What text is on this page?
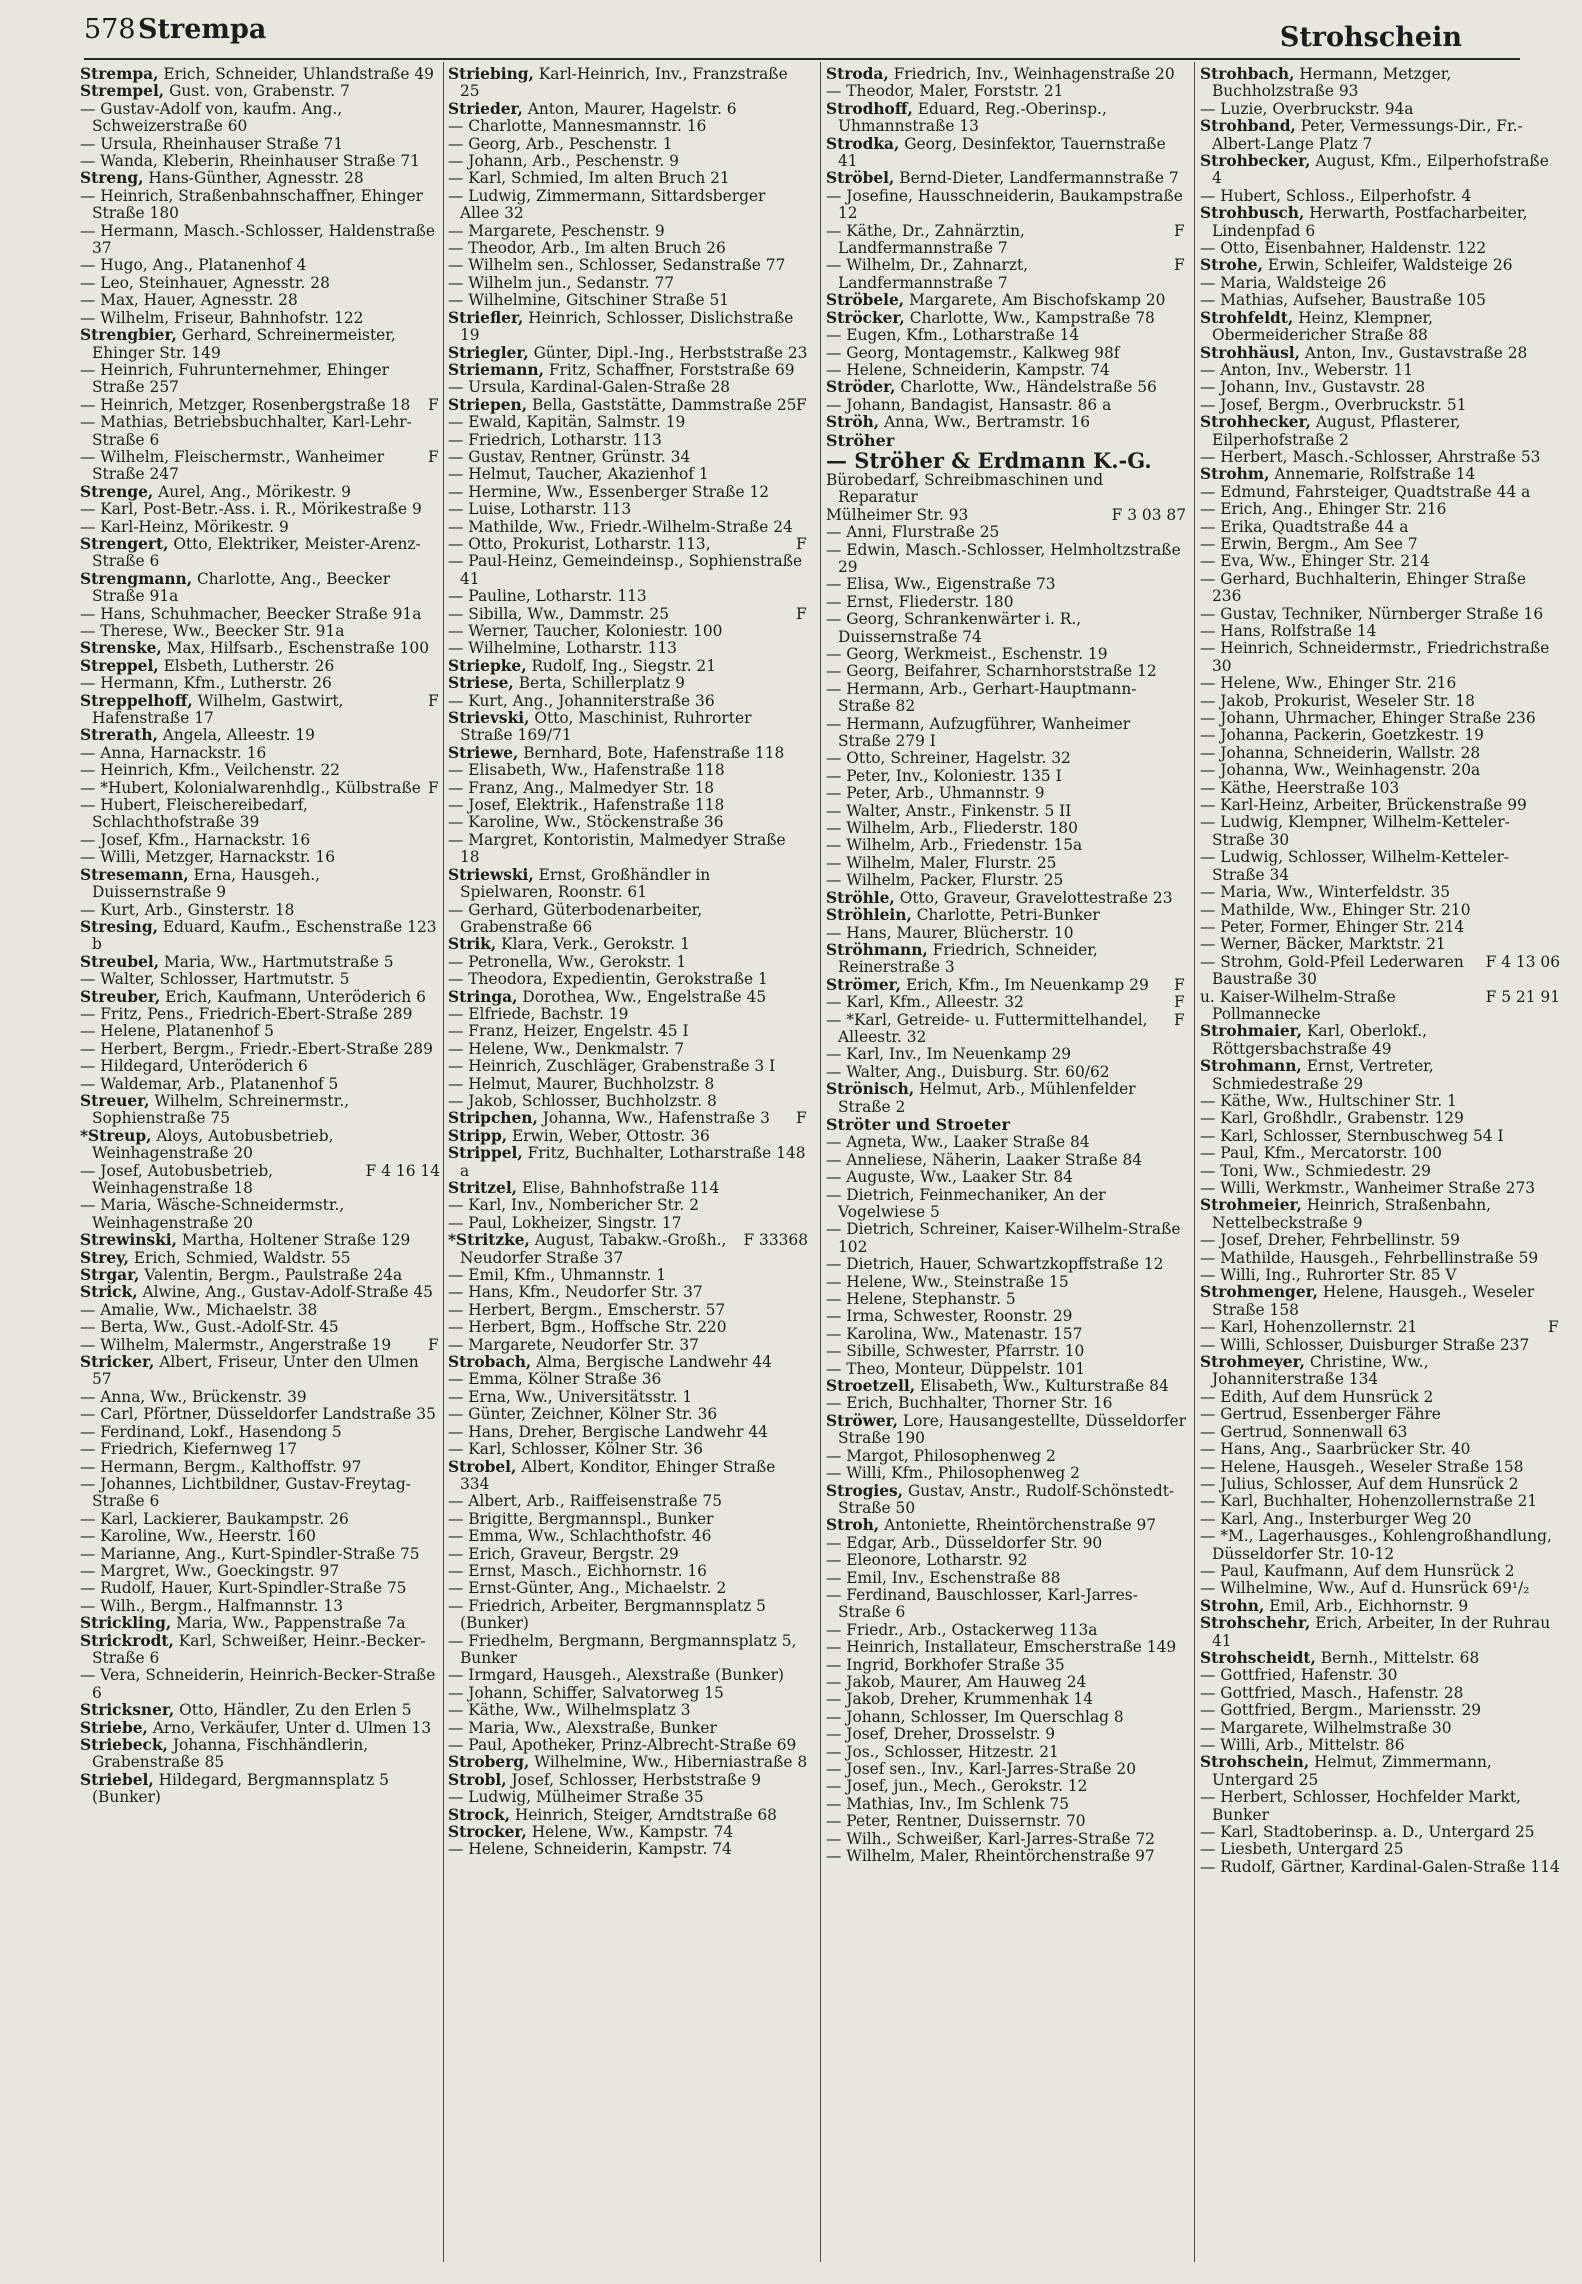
578 Strempa	Strohschein

Strempa, Erich, Schneider, Uhlandstraße 49

Strempel, Gust. von, Grabenstr. 7

— Gustav-Adolf von, kaufm. Ang., Schweizerstraße 60

— Ursula, Rheinhauser Straße 71

— Wanda, Kleberin, Rheinhauser Straße 71

Streng, Hans-Günther, Agnesstr. 28

— Heinrich, Straßenbahnschaffner, Ehinger Straße 180

— Hermann, Masch.-Schlosser, Haldenstraße 37

— Hugo, Ang., Platanenhof 4

— Leo, Steinhauer, Agnesstr. 28

— Max, Hauer, Agnesstr. 28

— Wilhelm, Friseur, Bahnhofstr. 122

Strengbier, Gerhard, Schreinermeister, Ehinger Str. 149

— Heinrich, Fuhrunternehmer, Ehinger Straße 257

F
— Heinrich, Metzger, Rosenbergstraße 18

— Mathias, Betriebsbuchhalter, Karl-Lehr-Straße 6

F
— Wilhelm, Fleischermstr., Wanheimer Straße 247

Strenge, Aurel, Ang., Mörikestr. 9

— Karl, Post-Betr.-Ass. i. R., Mörikestraße 9

— Karl-Heinz, Mörikestr. 9

Strengert, Otto, Elektriker, Meister-Arenz-Straße 6

Strengmann, Charlotte, Ang., Beecker Straße 91a

— Hans, Schuhmacher, Beecker Straße 91a

— Therese, Ww., Beecker Str. 91a

Strenske, Max, Hilfsarb., Eschenstraße 100

Streppel, Elsbeth, Lutherstr. 26

— Hermann, Kfm., Lutherstr. 26

F
Streppelhoff, Wilhelm, Gastwirt, Hafenstraße 17

Strerath, Angela, Alleestr. 19

— Anna, Harnackstr. 16

— Heinrich, Kfm., Veilchenstr. 22

F
— *Hubert, Kolonialwarenhdlg., Külbstraße

— Hubert, Fleischereibedarf, Schlachthofstraße 39

— Josef, Kfm., Harnackstr. 16

— Willi, Metzger, Harnackstr. 16

Stresemann, Erna, Hausgeh., Duissernstraße 9

— Kurt, Arb., Ginsterstr. 18

Stresing, Eduard, Kaufm., Eschenstraße 123 b

Streubel, Maria, Ww., Hartmutstraße 5

— Walter, Schlosser, Hartmutstr. 5

Streuber, Erich, Kaufmann, Unteröderich 6

— Fritz, Pens., Friedrich-Ebert-Straße 289

— Helene, Platanenhof 5

— Herbert, Bergm., Friedr.-Ebert-Straße 289

— Hildegard, Unteröderich 6

— Waldemar, Arb., Platanenhof 5

Streuer, Wilhelm, Schreinermstr., Sophienstraße 75

*Streup, Aloys, Autobusbetrieb, Weinhagenstraße 20

F 4 16 14
— Josef, Autobusbetrieb, Weinhagenstraße 18

— Maria, Wäsche-Schneidermstr., Weinhagenstraße 20

Strewinski, Martha, Holtener Straße 129

Strey, Erich, Schmied, Waldstr. 55

Strgar, Valentin, Bergm., Paulstraße 24a

Strick, Alwine, Ang., Gustav-Adolf-Straße 45

— Amalie, Ww., Michaelstr. 38

— Berta, Ww., Gust.-Adolf-Str. 45

F
— Wilhelm, Malermstr., Angerstraße 19

Stricker, Albert, Friseur, Unter den Ulmen 57

— Anna, Ww., Brückenstr. 39

— Carl, Pförtner, Düsseldorfer Landstraße 35

— Ferdinand, Lokf., Hasendong 5

— Friedrich, Kiefernweg 17

— Hermann, Bergm., Kalthoffstr. 97

— Johannes, Lichtbildner, Gustav-Freytag-Straße 6

— Karl, Lackierer, Baukampstr. 26

— Karoline, Ww., Heerstr. 160

— Marianne, Ang., Kurt-Spindler-Straße 75

— Margret, Ww., Goeckingstr. 97

— Rudolf, Hauer, Kurt-Spindler-Straße 75

— Wilh., Bergm., Halfmannstr. 13

Strickling, Maria, Ww., Pappenstraße 7a

Strickrodt, Karl, Schweißer, Heinr.-Becker-Straße 6

— Vera, Schneiderin, Heinrich-Becker-Straße 6

Stricksner, Otto, Händler, Zu den Erlen 5

Striebe, Arno, Verkäufer, Unter d. Ulmen 13

Striebeck, Johanna, Fischhändlerin, Grabenstraße 85

Striebel, Hildegard, Bergmannsplatz 5 (Bunker)

Striebing, Karl-Heinrich, Inv., Franzstraße 25

Strieder, Anton, Maurer, Hagelstr. 6

— Charlotte, Mannesmannstr. 16

— Georg, Arb., Peschenstr. 1

— Johann, Arb., Peschenstr. 9

— Karl, Schmied, Im alten Bruch 21

— Ludwig, Zimmermann, Sittardsberger Allee 32

— Margarete, Peschenstr. 9

— Theodor, Arb., Im alten Bruch 26

— Wilhelm sen., Schlosser, Sedanstraße 77

— Wilhelm jun., Sedanstr. 77

— Wilhelmine, Gitschiner Straße 51

Striefler, Heinrich, Schlosser, Dislichstraße 19

Striegler, Günter, Dipl.-Ing., Herbststraße 23

Striemann, Fritz, Schaffner, Forststraße 69

— Ursula, Kardinal-Galen-Straße 28

F
Striepen, Bella, Gaststätte, Dammstraße 25

— Ewald, Kapitän, Salmstr. 19

— Friedrich, Lotharstr. 113

— Gustav, Rentner, Grünstr. 34

— Helmut, Taucher, Akazienhof 1

— Hermine, Ww., Essenberger Straße 12

— Luise, Lotharstr. 113

— Mathilde, Ww., Friedr.-Wilhelm-Straße 24

F
— Otto, Prokurist, Lotharstr. 113,

— Paul-Heinz, Gemeindeinsp., Sophienstraße 41

— Pauline, Lotharstr. 113

F
— Sibilla, Ww., Dammstr. 25

— Werner, Taucher, Koloniestr. 100

— Wilhelmine, Lotharstr. 113

Striepke, Rudolf, Ing., Siegstr. 21

Striese, Berta, Schillerplatz 9

— Kurt, Ang., Johanniterstraße 36

Strievski, Otto, Maschinist, Ruhrorter Straße 169/71

Striewe, Bernhard, Bote, Hafenstraße 118

— Elisabeth, Ww., Hafenstraße 118

— Franz, Ang., Malmedyer Str. 18

— Josef, Elektrik., Hafenstraße 118

— Karoline, Ww., Stöckenstraße 36

— Margret, Kontoristin, Malmedyer Straße 18

Striewski, Ernst, Großhändler in Spielwaren, Roonstr. 61

— Gerhard, Güterbodenarbeiter, Grabenstraße 66

Strik, Klara, Verk., Gerokstr. 1

— Petronella, Ww., Gerokstr. 1

— Theodora, Expedientin, Gerokstraße 1

Stringa, Dorothea, Ww., Engelstraße 45

— Elfriede, Bachstr. 19

— Franz, Heizer, Engelstr. 45 I

— Helene, Ww., Denkmalstr. 7

— Heinrich, Zuschläger, Grabenstraße 3 I

— Helmut, Maurer, Buchholzstr. 8

— Jakob, Schlosser, Buchholzstr. 8

F
Stripchen, Johanna, Ww., Hafenstraße 3

Stripp, Erwin, Weber, Ottostr. 36

Strippel, Fritz, Buchhalter, Lotharstraße 148 a

Stritzel, Elise, Bahnhofstraße 114

— Karl, Inv., Nombericher Str. 2

— Paul, Lokheizer, Singstr. 17

F 33368
*Stritzke, August, Tabakw.-Großh., Neudorfer Straße 37

— Emil, Kfm., Uhmannstr. 1

— Hans, Kfm., Neudorfer Str. 37

— Herbert, Bergm., Emscherstr. 57

— Herbert, Bgm., Hoffsche Str. 220

— Margarete, Neudorfer Str. 37

Strobach, Alma, Bergische Landwehr 44

— Emma, Kölner Straße 36

— Erna, Ww., Universitätsstr. 1

— Günter, Zeichner, Kölner Str. 36

— Hans, Dreher, Bergische Landwehr 44

— Karl, Schlosser, Kölner Str. 36

Strobel, Albert, Konditor, Ehinger Straße 334

— Albert, Arb., Raiffeisenstraße 75

— Brigitte, Bergmannspl., Bunker

— Emma, Ww., Schlachthofstr. 46

— Erich, Graveur, Bergstr. 29

— Ernst, Masch., Eichhornstr. 16

— Ernst-Günter, Ang., Michaelstr. 2

— Friedrich, Arbeiter, Bergmannsplatz 5 (Bunker)

— Friedhelm, Bergmann, Bergmannsplatz 5, Bunker

— Irmgard, Hausgeh., Alexstraße (Bunker)

— Johann, Schiffer, Salvatorweg 15

— Käthe, Ww., Wilhelmsplatz 3

— Maria, Ww., Alexstraße, Bunker

— Paul, Apotheker, Prinz-Albrecht-Straße 69

Stroberg, Wilhelmine, Ww., Hiberniastraße 8

Strobl, Josef, Schlosser, Herbststraße 9

— Ludwig, Mülheimer Straße 35

Strock, Heinrich, Steiger, Arndtstraße 68

Strocker, Helene, Ww., Kampstr. 74

— Helene, Schneiderin, Kampstr. 74

Stroda, Friedrich, Inv., Weinhagenstraße 20

— Theodor, Maler, Forststr. 21

Strodhoff, Eduard, Reg.-Oberinsp., Uhmannstraße 13

Strodka, Georg, Desinfektor, Tauernstraße 41

Ströbel, Bernd-Dieter, Landfermannstraße 7

— Josefine, Hausschneiderin, Baukampstraße 12

F
— Käthe, Dr., Zahnärztin, Landfermannstraße 7

F
— Wilhelm, Dr., Zahnarzt, Landfermannstraße 7

Ströbele, Margarete, Am Bischofskamp 20

Ströcker, Charlotte, Ww., Kampstraße 78

— Eugen, Kfm., Lotharstraße 14

— Georg, Montagemstr., Kalkweg 98f

— Helene, Schneiderin, Kampstr. 74

Ströder, Charlotte, Ww., Händelstraße 56

— Johann, Bandagist, Hansastr. 86 a

Ströh, Anna, Ww., Bertramstr. 16

Ströher

— Ströher & Erdmann K.-G.

Bürobedarf, Schreibmaschinen und Reparatur

F 3 03 87
Mülheimer Str. 93

— Anni, Flurstraße 25

— Edwin, Masch.-Schlosser, Helmholtzstraße 29

— Elisa, Ww., Eigenstraße 73

— Ernst, Fliederstr. 180

— Georg, Schrankenwärter i. R., Duissernstraße 74

— Georg, Werkmeist., Eschenstr. 19

— Georg, Beifahrer, Scharnhorststraße 12

— Hermann, Arb., Gerhart-Hauptmann-Straße 82

— Hermann, Aufzugführer, Wanheimer Straße 279 I

— Otto, Schreiner, Hagelstr. 32

— Peter, Inv., Koloniestr. 135 I

— Peter, Arb., Uhmannstr. 9

— Walter, Anstr., Finkenstr. 5 II

— Wilhelm, Arb., Fliederstr. 180

— Wilhelm, Arb., Friedenstr. 15a

— Wilhelm, Maler, Flurstr. 25

— Wilhelm, Packer, Flurstr. 25

Ströhle, Otto, Graveur, Gravelottestraße 23

Ströhlein, Charlotte, Petri-Bunker

— Hans, Maurer, Blücherstr. 10

Ströhmann, Friedrich, Schneider, Reinerstraße 3

F
Strömer, Erich, Kfm., Im Neuenkamp 29

F
— Karl, Kfm., Alleestr. 32

F
— *Karl, Getreide- u. Futtermittelhandel, Alleestr. 32

— Karl, Inv., Im Neuenkamp 29

— Walter, Ang., Duisburg. Str. 60/62

Strönisch, Helmut, Arb., Mühlenfelder Straße 2

Ströter und Stroeter

— Agneta, Ww., Laaker Straße 84

— Anneliese, Näherin, Laaker Straße 84

— Auguste, Ww., Laaker Str. 84

— Dietrich, Feinmechaniker, An der Vogelwiese 5

— Dietrich, Schreiner, Kaiser-Wilhelm-Straße 102

— Dietrich, Hauer, Schwartzkopffstraße 12

— Helene, Ww., Steinstraße 15

— Helene, Stephanstr. 5

— Irma, Schwester, Roonstr. 29

— Karolina, Ww., Matenastr. 157

— Sibille, Schwester, Pfarrstr. 10

— Theo, Monteur, Düppelstr. 101

Stroetzell, Elisabeth, Ww., Kulturstraße 84

— Erich, Buchhalter, Thorner Str. 16

Ströwer, Lore, Hausangestellte, Düsseldorfer Straße 190

— Margot, Philosophenweg 2

— Willi, Kfm., Philosophenweg 2

Strogies, Gustav, Anstr., Rudolf-Schönstedt-Straße 50

Stroh, Antoniette, Rheintörchenstraße 97

— Edgar, Arb., Düsseldorfer Str. 90

— Eleonore, Lotharstr. 92

— Emil, Inv., Eschenstraße 88

— Ferdinand, Bauschlosser, Karl-Jarres-Straße 6

— Friedr., Arb., Ostackerweg 113a

— Heinrich, Installateur, Emscherstraße 149

— Ingrid, Borkhofer Straße 35

— Jakob, Maurer, Am Hauweg 24

— Jakob, Dreher, Krummenhak 14

— Johann, Schlosser, Im Querschlag 8

— Josef, Dreher, Drosselstr. 9

— Jos., Schlosser, Hitzestr. 21

— Josef sen., Inv., Karl-Jarres-Straße 20

— Josef, jun., Mech., Gerokstr. 12

— Mathias, Inv., Im Schlenk 75

— Peter, Rentner, Duissernstr. 70

— Wilh., Schweißer, Karl-Jarres-Straße 72

— Wilhelm, Maler, Rheintörchenstraße 97

Strohbach, Hermann, Metzger, Buchholzstraße 93

— Luzie, Overbruckstr. 94a

Strohband, Peter, Vermessungs-Dir., Fr.-Albert-Lange Platz 7

Strohbecker, August, Kfm., Eilperhofstraße 4

— Hubert, Schloss., Eilperhofstr. 4

Strohbusch, Herwarth, Postfacharbeiter, Lindenpfad 6

— Otto, Eisenbahner, Haldenstr. 122

Strohe, Erwin, Schleifer, Waldsteige 26

— Maria, Waldsteige 26

— Mathias, Aufseher, Baustraße 105

Strohfeldt, Heinz, Klempner, Obermeidericher Straße 88

Strohhäusl, Anton, Inv., Gustavstraße 28

— Anton, Inv., Weberstr. 11

— Johann, Inv., Gustavstr. 28

— Josef, Bergm., Overbruckstr. 51

Strohhecker, August, Pflasterer, Eilperhofstraße 2

— Herbert, Masch.-Schlosser, Ahrstraße 53

Strohm, Annemarie, Rolfstraße 14

— Edmund, Fahrsteiger, Quadtstraße 44 a

— Erich, Ang., Ehinger Str. 216

— Erika, Quadtstraße 44 a

— Erwin, Bergm., Am See 7

— Eva, Ww., Ehinger Str. 214

— Gerhard, Buchhalterin, Ehinger Straße 236

— Gustav, Techniker, Nürnberger Straße 16

— Hans, Rolfstraße 14

— Heinrich, Schneidermstr., Friedrichstraße 30

— Helene, Ww., Ehinger Str. 216

— Jakob, Prokurist, Weseler Str. 18

— Johann, Uhrmacher, Ehinger Straße 236

— Johanna, Packerin, Goetzkestr. 19

— Johanna, Schneiderin, Wallstr. 28

— Johanna, Ww., Weinhagenstr. 20a

— Käthe, Heerstraße 103

— Karl-Heinz, Arbeiter, Brückenstraße 99

— Ludwig, Klempner, Wilhelm-Ketteler-Straße 30

— Ludwig, Schlosser, Wilhelm-Ketteler-Straße 34

— Maria, Ww., Winterfeldstr. 35

— Mathilde, Ww., Ehinger Str. 210

— Peter, Former, Ehinger Str. 214

— Werner, Bäcker, Marktstr. 21

F 4 13 06
— Strohm, Gold-Pfeil Lederwaren Baustraße 30

F 5 21 91
u. Kaiser-Wilhelm-Straße Pollmannecke

Strohmaier, Karl, Oberlokf., Röttgersbachstraße 49

Strohmann, Ernst, Vertreter, Schmiedestraße 29

— Käthe, Ww., Hultschiner Str. 1

— Karl, Großhdlr., Grabenstr. 129

— Karl, Schlosser, Sternbuschweg 54 I

— Paul, Kfm., Mercatorstr. 100

— Toni, Ww., Schmiedestr. 29

— Willi, Werkmstr., Wanheimer Straße 273

Strohmeier, Heinrich, Straßenbahn, Nettelbeckstraße 9

— Josef, Dreher, Fehrbellinstr. 59

— Mathilde, Hausgeh., Fehrbellinstraße 59

— Willi, Ing., Ruhrorter Str. 85 V

Strohmenger, Helene, Hausgeh., Weseler Straße 158

F
— Karl, Hohenzollernstr. 21

— Willi, Schlosser, Duisburger Straße 237

Strohmeyer, Christine, Ww., Johanniterstraße 134

— Edith, Auf dem Hunsrück 2

— Gertrud, Essenberger Fähre

— Gertrud, Sonnenwall 63

— Hans, Ang., Saarbrücker Str. 40

— Helene, Hausgeh., Weseler Straße 158

— Julius, Schlosser, Auf dem Hunsrück 2

— Karl, Buchhalter, Hohenzollernstraße 21

— Karl, Ang., Insterburger Weg 20

— *M., Lagerhausges., Kohlengroßhandlung, Düsseldorfer Str. 10-12

— Paul, Kaufmann, Auf dem Hunsrück 2

— Wilhelmine, Ww., Auf d. Hunsrück 69¹/₂

Strohn, Emil, Arb., Eichhornstr. 9

Strohschehr, Erich, Arbeiter, In der Ruhrau 41

Strohscheidt, Bernh., Mittelstr. 68

— Gottfried, Hafenstr. 30

— Gottfried, Masch., Hafenstr. 28

— Gottfried, Bergm., Mariensstr. 29

— Margarete, Wilhelmstraße 30

— Willi, Arb., Mittelstr. 86

Strohschein, Helmut, Zimmermann, Untergard 25

— Herbert, Schlosser, Hochfelder Markt, Bunker

— Karl, Stadtoberinsp. a. D., Untergard 25

— Liesbeth, Untergard 25

— Rudolf, Gärtner, Kardinal-Galen-Straße 114
